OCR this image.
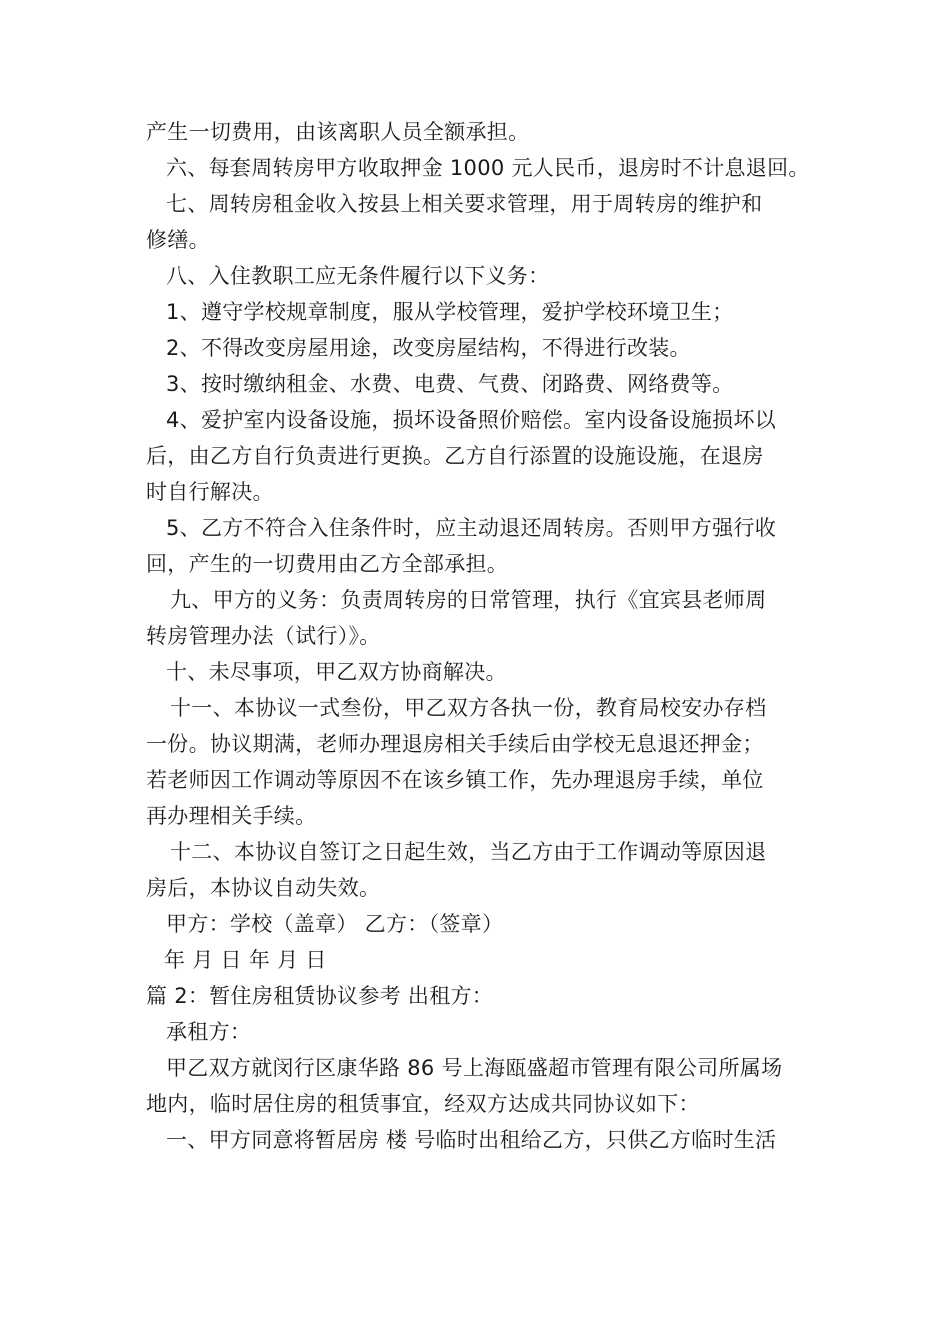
产生一切费用，由该离职人员全额承担。
六、每套周转房甲方收取押金 1000 元人民币，退房时不计息退回。
七、周转房租金收入按县上相关要求管理，用于周转房的维护和
修缮。
八、入住教职工应无条件履行以下义务：
1、遵守学校规章制度，服从学校管理，爱护学校环境卫生；
2、不得改变房屋用途，改变房屋结构，不得进行改装。
3、按时缴纳租金、水费、电费、气费、闭路费、网络费等。
4、爱护室内设备设施，损坏设备照价赔偿。室内设备设施损坏以
后，由乙方自行负责进行更换。乙方自行添置的设施设施，在退房
时自行解决。
5、乙方不符合入住条件时，应主动退还周转房。否则甲方强行收
回，产生的一切费用由乙方全部承担。
九、甲方的义务：负责周转房的日常管理，执行《宜宾县老师周
转房管理办法（试行）》。
十、未尽事项，甲乙双方协商解决。
十一、本协议一式叁份，甲乙双方各执一份，教育局校安办存档
一份。协议期满，老师办理退房相关手续后由学校无息退还押金；
若老师因工作调动等原因不在该乡镇工作，先办理退房手续，单位
再办理相关手续。
十二、本协议自签订之日起生效，当乙方由于工作调动等原因退
房后，本协议自动失效。
甲方：学校（盖章） 乙方：（签章）
年 月 日 年 月 日
篇 2：暂住房租赁协议参考 出租方：
承租方：
甲乙双方就闵行区康华路 86 号上海瓯盛超市管理有限公司所属场
地内，临时居住房的租赁事宜，经双方达成共同协议如下：
一、甲方同意将暂居房 楼 号临时出租给乙方，只供乙方临时生活
